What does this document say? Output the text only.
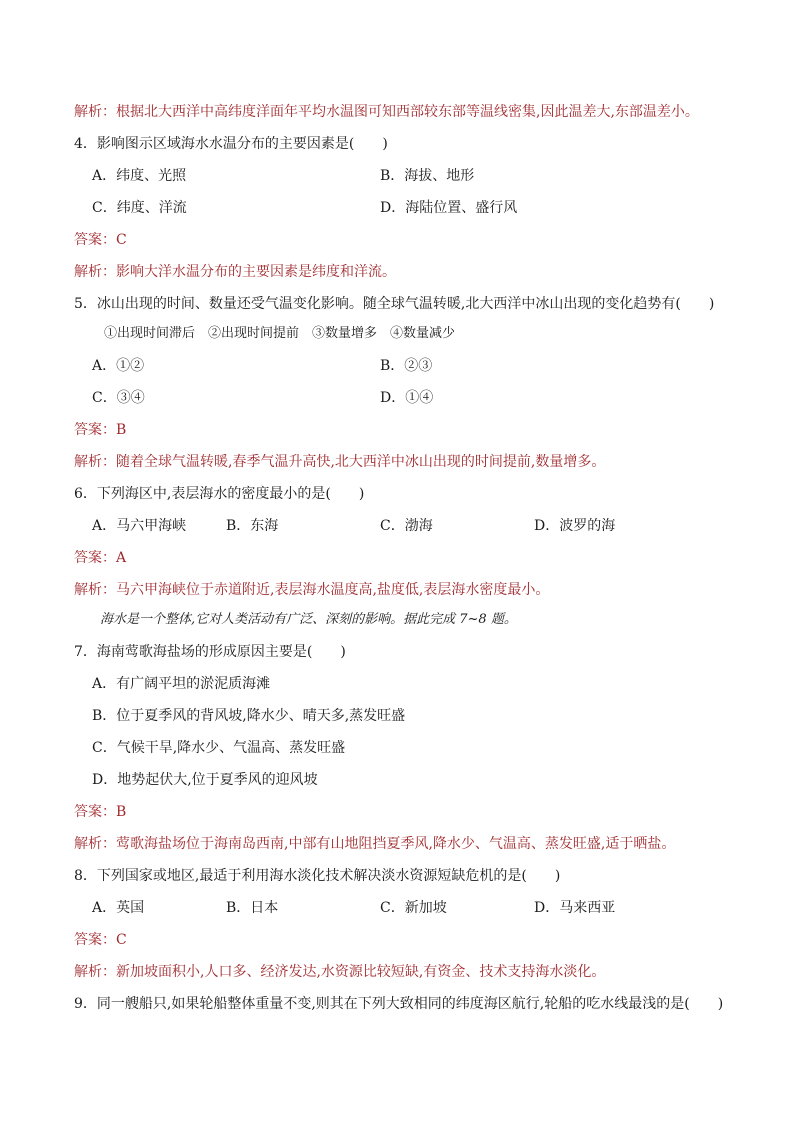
解析：根据北大西洋中高纬度洋面年平均水温图可知西部较东部等温线密集,因此温差大,东部温差小。
4．影响图示区域海水水温分布的主要因素是(　　)
A．纬度、光照	B．海拔、地形
C．纬度、洋流	D．海陆位置、盛行风
答案：C
解析：影响大洋水温分布的主要因素是纬度和洋流。
5．冰山出现的时间、数量还受气温变化影响。随全球气温转暖,北大西洋中冰山出现的变化趋势有(　　)
①出现时间滞后　②出现时间提前　③数量增多　④数量减少
A．①②	B．②③
C．③④	D．①④
答案：B
解析：随着全球气温转暖,春季气温升高快,北大西洋中冰山出现的时间提前,数量增多。
6．下列海区中,表层海水的密度最小的是(　　)
A．马六甲海峡	B．东海	C．渤海	D．波罗的海
答案：A
解析：马六甲海峡位于赤道附近,表层海水温度高,盐度低,表层海水密度最小。
海水是一个整体,它对人类活动有广泛、深刻的影响。据此完成 7~8 题。
7．海南莺歌海盐场的形成原因主要是(　　)
A．有广阔平坦的淤泥质海滩
B．位于夏季风的背风坡,降水少、晴天多,蒸发旺盛
C．气候干旱,降水少、气温高、蒸发旺盛
D．地势起伏大,位于夏季风的迎风坡
答案：B
解析：莺歌海盐场位于海南岛西南,中部有山地阻挡夏季风,降水少、气温高、蒸发旺盛,适于晒盐。
8．下列国家或地区,最适于利用海水淡化技术解决淡水资源短缺危机的是(　　)
A．英国	B．日本	C．新加坡	D．马来西亚
答案：C
解析：新加坡面积小,人口多、经济发达,水资源比较短缺,有资金、技术支持海水淡化。
9．同一艘船只,如果轮船整体重量不变,则其在下列大致相同的纬度海区航行,轮船的吃水线最浅的是(　　)
